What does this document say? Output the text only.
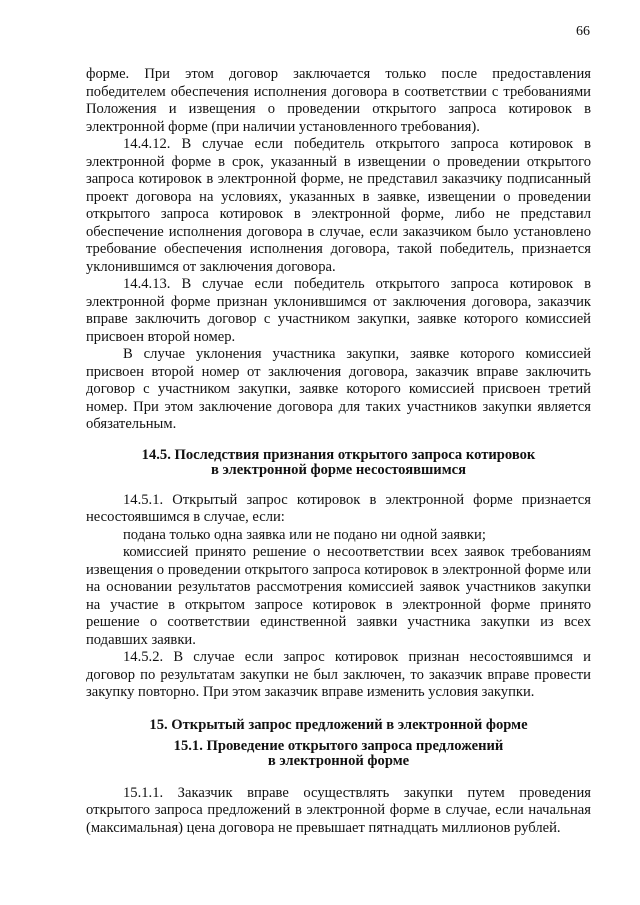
66

форме. При этом договор заключается только после предоставления победителем обеспечения исполнения договора в соответствии с требованиями Положения и извещения о проведении открытого запроса котировок в электронной форме (при наличии установленного требования).

14.4.12. В случае если победитель открытого запроса котировок в электронной форме в срок, указанный в извещении о проведении открытого запроса котировок в электронной форме, не представил заказчику подписанный проект договора на условиях, указанных в заявке, извещении о проведении открытого запроса котировок в электронной форме, либо не представил обеспечение исполнения договора в случае, если заказчиком было установлено требование обеспечения исполнения договора, такой победитель, признается уклонившимся от заключения договора.

14.4.13. В случае если победитель открытого запроса котировок в электронной форме признан уклонившимся от заключения договора, заказчик вправе заключить договор с участником закупки, заявке которого комиссией присвоен второй номер.

В случае уклонения участника закупки, заявке которого комиссией присвоен второй номер от заключения договора, заказчик вправе заключить договор с участником закупки, заявке которого комиссией присвоен третий номер. При этом заключение договора для таких участников закупки является обязательным.

14.5. Последствия признания открытого запроса котировок
в электронной форме несостоявшимся

14.5.1. Открытый запрос котировок в электронной форме признается несостоявшимся в случае, если:

подана только одна заявка или не подано ни одной заявки;

комиссией принято решение о несоответствии всех заявок требованиям извещения о проведении открытого запроса котировок в электронной форме или на основании результатов рассмотрения комиссией заявок участников закупки на участие в открытом запросе котировок в электронной форме принято решение о соответствии единственной заявки участника закупки из всех подавших заявки.

14.5.2. В случае если запрос котировок признан несостоявшимся и договор по результатам закупки не был заключен, то заказчик вправе провести закупку повторно. При этом заказчик вправе изменить условия закупки.

15. Открытый запрос предложений в электронной форме
15.1. Проведение открытого запроса предложений
в электронной форме

15.1.1. Заказчик вправе осуществлять закупки путем проведения открытого запроса предложений в электронной форме в случае, если начальная (максимальная) цена договора не превышает пятнадцать миллионов рублей.
